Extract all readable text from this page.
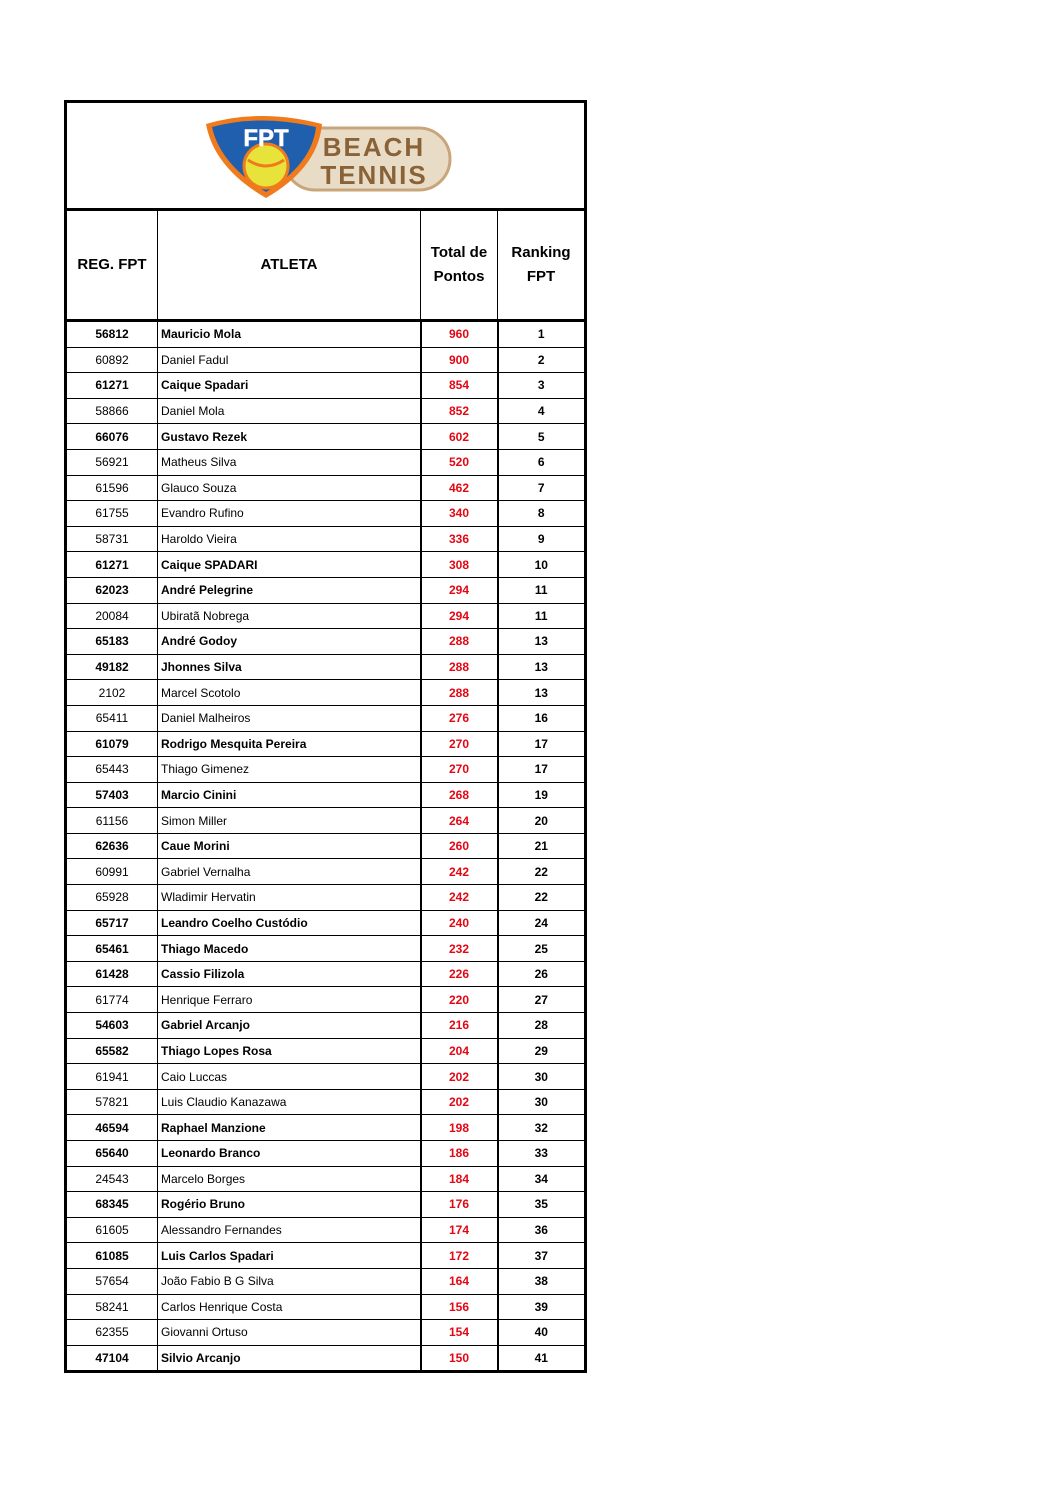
FPT BEACH
TENNIS
REG. FPT	ATLETA	Total de Pontos	Ranking FPT
56812	Mauricio Mola	960	1
60892	Daniel Fadul	900	2
61271	Caique Spadari	854	3
58866	Daniel Mola	852	4
66076	Gustavo Rezek	602	5
56921	Matheus Silva	520	6
61596	Glauco Souza	462	7
61755	Evandro Rufino	340	8
58731	Haroldo Vieira	336	9
61271	Caique SPADARI	308	10
62023	André Pelegrine	294	11
20084	Ubiratã Nobrega	294	11
65183	André Godoy	288	13
49182	Jhonnes Silva	288	13
2102	Marcel Scotolo	288	13
65411	Daniel Malheiros	276	16
61079	Rodrigo Mesquita Pereira	270	17
65443	Thiago Gimenez	270	17
57403	Marcio Cinini	268	19
61156	Simon Miller	264	20
62636	Caue Morini	260	21
60991	Gabriel Vernalha	242	22
65928	Wladimir Hervatin	242	22
65717	Leandro Coelho Custódio	240	24
65461	Thiago Macedo	232	25
61428	Cassio Filizola	226	26
61774	Henrique Ferraro	220	27
54603	Gabriel Arcanjo	216	28
65582	Thiago Lopes Rosa	204	29
61941	Caio Luccas	202	30
57821	Luis Claudio Kanazawa	202	30
46594	Raphael Manzione	198	32
65640	Leonardo Branco	186	33
24543	Marcelo Borges	184	34
68345	Rogério Bruno	176	35
61605	Alessandro Fernandes	174	36
61085	Luis Carlos Spadari	172	37
57654	João Fabio B G Silva	164	38
58241	Carlos Henrique Costa	156	39
62355	Giovanni Ortuso	154	40
47104	Silvio Arcanjo	150	41
